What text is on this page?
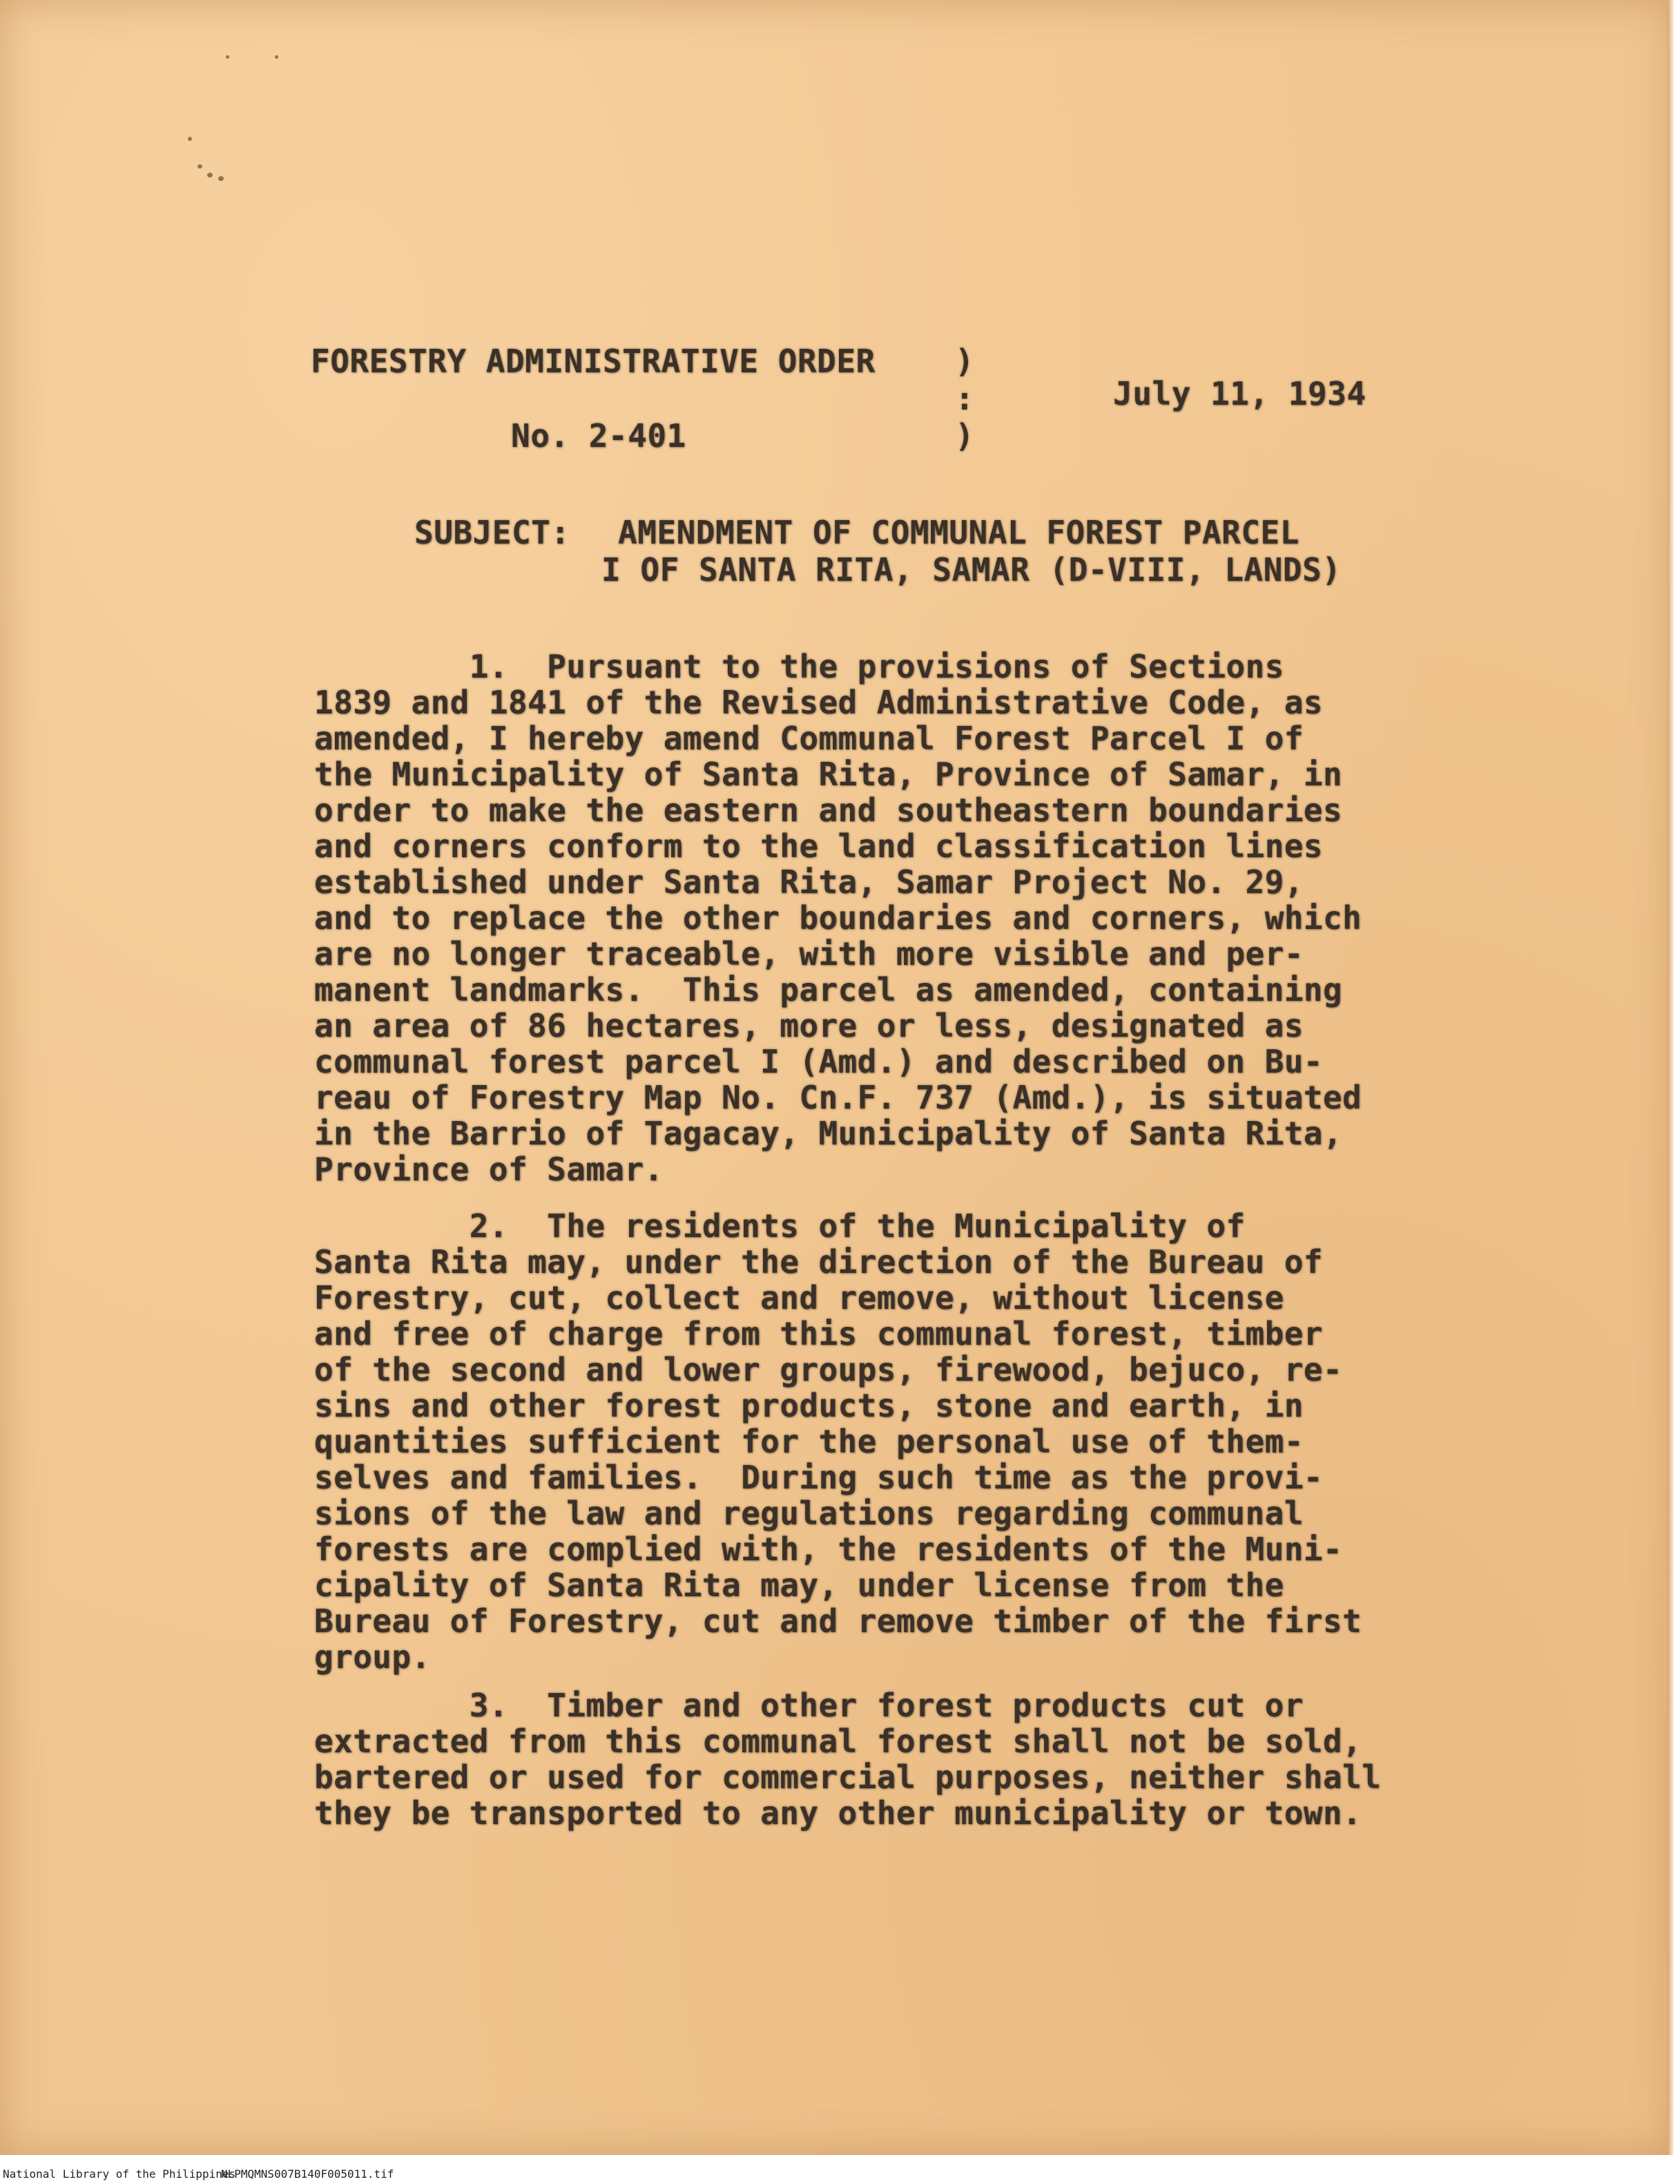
FORESTRY ADMINISTRATIVE ORDER
No. 2-401
)
:
)
July 11, 1934
SUBJECT: AMENDMENT OF COMMUNAL FOREST PARCEL
I OF SANTA RITA, SAMAR (D-VIII, LANDS)
1.  Pursuant to the provisions of Sections
1839 and 1841 of the Revised Administrative Code, as
amended, I hereby amend Communal Forest Parcel I of
the Municipality of Santa Rita, Province of Samar, in
order to make the eastern and southeastern boundaries
and corners conform to the land classification lines
established under Santa Rita, Samar Project No. 29,
and to replace the other boundaries and corners, which
are no longer traceable, with more visible and per-
manent landmarks.  This parcel as amended, containing
an area of 86 hectares, more or less, designated as
communal forest parcel I (Amd.) and described on Bu-
reau of Forestry Map No. Cn.F. 737 (Amd.), is situated
in the Barrio of Tagacay, Municipality of Santa Rita,
Province of Samar.
2.  The residents of the Municipality of
Santa Rita may, under the direction of the Bureau of
Forestry, cut, collect and remove, without license
and free of charge from this communal forest, timber
of the second and lower groups, firewood, bejuco, re-
sins and other forest products, stone and earth, in
quantities sufficient for the personal use of them-
selves and families.  During such time as the provi-
sions of the law and regulations regarding communal
forests are complied with, the residents of the Muni-
cipality of Santa Rita may, under license from the
Bureau of Forestry, cut and remove timber of the first
group.
3.  Timber and other forest products cut or
extracted from this communal forest shall not be sold,
bartered or used for commercial purposes, neither shall
they be transported to any other municipality or town.
National Library of the Philippines
NLPMQMNS007B140F005011.tif
